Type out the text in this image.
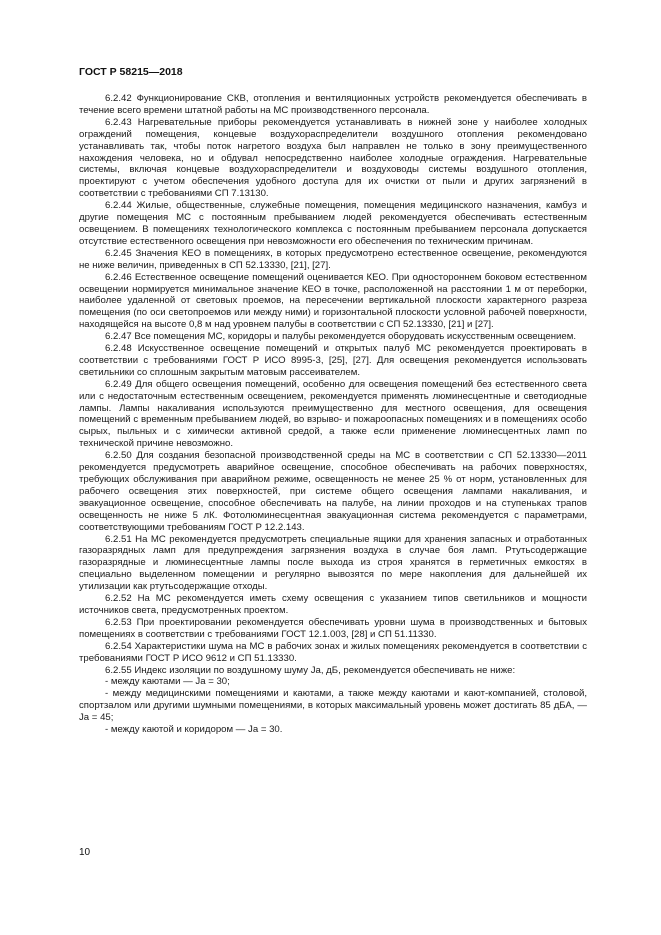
ГОСТ Р 58215—2018

6.2.42 Функционирование СКВ, отопления и вентиляционных устройств рекомендуется обеспечивать в течение всего времени штатной работы на МС производственного персонала.

6.2.43 Нагревательные приборы рекомендуется устанавливать в нижней зоне у наиболее холодных ограждений помещения, концевые воздухораспределители воздушного отопления рекомендовано устанавливать так, чтобы поток нагретого воздуха был направлен не только в зону преимущественного нахождения человека, но и обдувал непосредственно наиболее холодные ограждения. Нагревательные системы, включая концевые воздухораспределители и воздуховоды системы воздушного отопления, проектируют с учетом обеспечения удобного доступа для их очистки от пыли и других загрязнений в соответствии с требованиями СП 7.13130.

6.2.44 Жилые, общественные, служебные помещения, помещения медицинского назначения, камбуз и другие помещения МС с постоянным пребыванием людей рекомендуется обеспечивать естественным освещением. В помещениях технологического комплекса с постоянным пребыванием персонала допускается отсутствие естественного освещения при невозможности его обеспечения по техническим причинам.

6.2.45 Значения КЕО в помещениях, в которых предусмотрено естественное освещение, рекомендуются не ниже величин, приведенных в СП 52.13330, [21], [27].

6.2.46 Естественное освещение помещений оценивается КЕО. При одностороннем боковом естественном освещении нормируется минимальное значение КЕО в точке, расположенной на расстоянии 1 м от переборки, наиболее удаленной от световых проемов, на пересечении вертикальной плоскости характерного разреза помещения (по оси светопроемов или между ними) и горизонтальной плоскости условной рабочей поверхности, находящейся на высоте 0,8 м над уровнем палубы в соответствии с СП 52.13330, [21] и [27].

6.2.47 Все помещения МС, коридоры и палубы рекомендуется оборудовать искусственным освещением.

6.2.48 Искусственное освещение помещений и открытых палуб МС рекомендуется проектировать в соответствии с требованиями ГОСТ Р ИСО 8995-3, [25], [27]. Для освещения рекомендуется использовать светильники со сплошным закрытым матовым рассеивателем.

6.2.49 Для общего освещения помещений, особенно для освещения помещений без естественного света или с недостаточным естественным освещением, рекомендуется применять люминесцентные и светодиодные лампы. Лампы накаливания используются преимущественно для местного освещения, для освещения помещений с временным пребыванием людей, во взрыво- и пожароопасных помещениях и в помещениях особо сырых, пыльных и с химически активной средой, а также если применение люминесцентных ламп по технической причине невозможно.

6.2.50 Для создания безопасной производственной среды на МС в соответствии с СП 52.13330—2011 рекомендуется предусмотреть аварийное освещение, способное обеспечивать на рабочих поверхностях, требующих обслуживания при аварийном режиме, освещенность не менее 25 % от норм, установленных для рабочего освещения этих поверхностей, при системе общего освещения лампами накаливания, и эвакуационное освещение, способное обеспечивать на палубе, на линии проходов и на ступеньках трапов освещенность не ниже 5 лК. Фотолюминесцентная эвакуационная система рекомендуется с параметрами, соответствующими требованиям ГОСТ Р 12.2.143.

6.2.51 На МС рекомендуется предусмотреть специальные ящики для хранения запасных и отработанных газоразрядных ламп для предупреждения загрязнения воздуха в случае боя ламп. Ртутьсодержащие газоразрядные и люминесцентные лампы после выхода из строя хранятся в герметичных емкостях в специально выделенном помещении и регулярно вывозятся по мере накопления для дальнейшей их утилизации как ртутьсодержащие отходы.

6.2.52 На МС рекомендуется иметь схему освещения с указанием типов светильников и мощности источников света, предусмотренных проектом.

6.2.53 При проектировании рекомендуется обеспечивать уровни шума в производственных и бытовых помещениях в соответствии с требованиями ГОСТ 12.1.003, [28] и СП 51.11330.

6.2.54 Характеристики шума на МС в рабочих зонах и жилых помещениях рекомендуется в соответствии с требованиями ГОСТ Р ИСО 9612 и СП 51.13330.

6.2.55 Индекс изоляции по воздушному шуму Ja, дБ, рекомендуется обеспечивать не ниже:

- между каютами — Ja = 30;

- между медицинскими помещениями и каютами, а также между каютами и кают-компанией, столовой, спортзалом или другими шумными помещениями, в которых максимальный уровень может достигать 85 дБА, — Ja = 45;

- между каютой и коридором — Ja = 30.

10
